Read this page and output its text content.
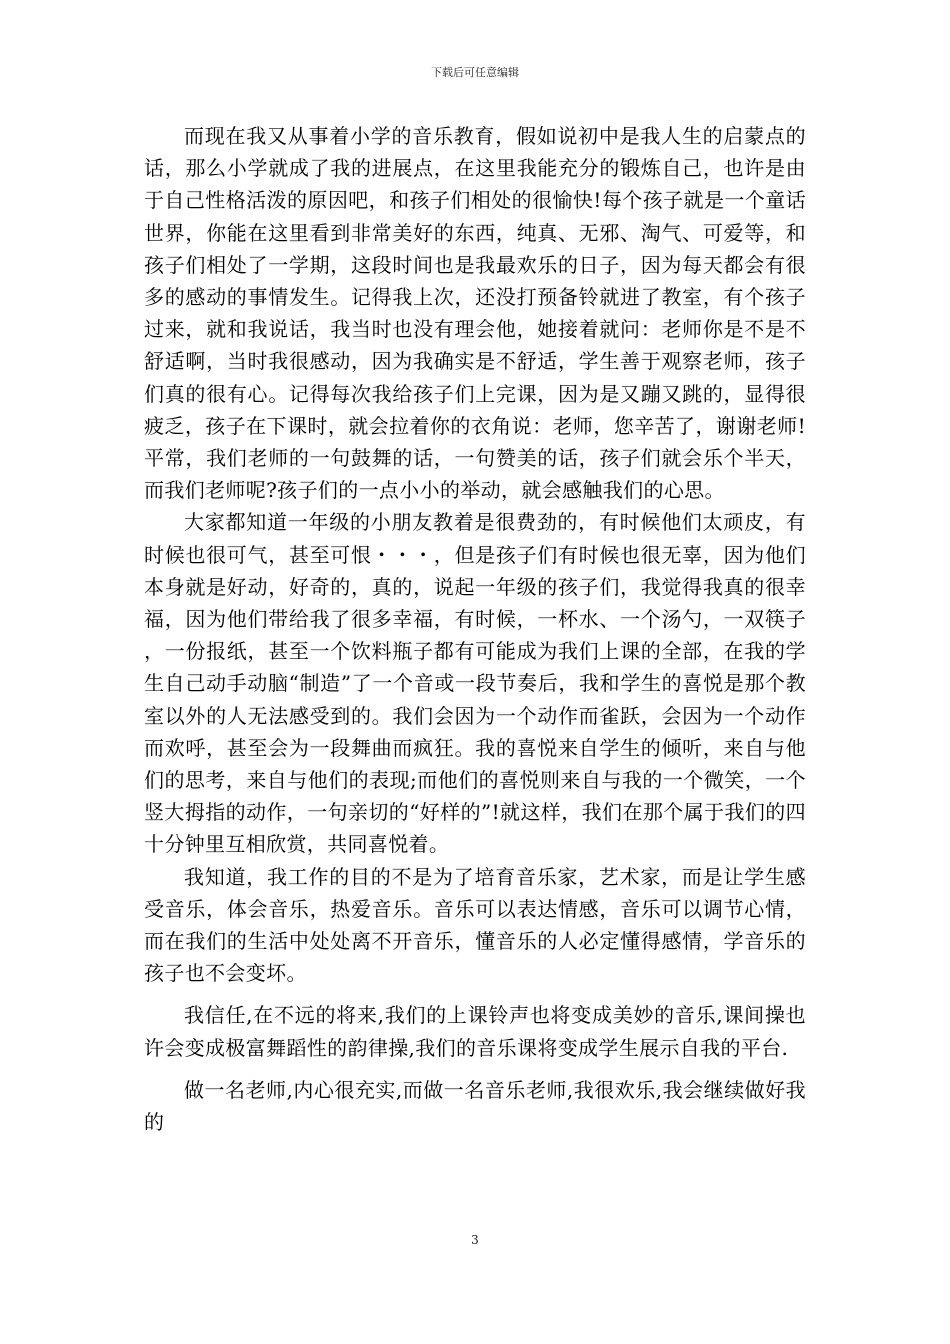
下载后可任意编辑

而现在我又从事着小学的音乐教育，假如说初中是我人生的启蒙点的话，那么小学就成了我的进展点，在这里我能充分的锻炼自己，也许是由于自己性格活泼的原因吧，和孩子们相处的很愉快!每个孩子就是一个童话世界，你能在这里看到非常美好的东西，纯真、无邪、淘气、可爱等，和孩子们相处了一学期，这段时间也是我最欢乐的日子，因为每天都会有很多的感动的事情发生。记得我上次，还没打预备铃就进了教室，有个孩子过来，就和我说话，我当时也没有理会他，她接着就问：老师你是不是不舒适啊，当时我很感动，因为我确实是不舒适，学生善于观察老师，孩子们真的很有心。记得每次我给孩子们上完课，因为是又蹦又跳的，显得很疲乏，孩子在下课时，就会拉着你的衣角说：老师，您辛苦了，谢谢老师!平常，我们老师的一句鼓舞的话，一句赞美的话，孩子们就会乐个半天，而我们老师呢?孩子们的一点小小的举动，就会感触我们的心思。

大家都知道一年级的小朋友教着是很费劲的，有时候他们太顽皮，有时候也很可气，甚至可恨・・・，但是孩子们有时候也很无辜，因为他们本身就是好动，好奇的，真的，说起一年级的孩子们，我觉得我真的很幸福，因为他们带给我了很多幸福，有时候，一杯水、一个汤勺，一双筷子，一份报纸，甚至一个饮料瓶子都有可能成为我们上课的全部，在我的学生自己动手动脑“制造”了一个音或一段节奏后，我和学生的喜悦是那个教室以外的人无法感受到的。我们会因为一个动作而雀跃，会因为一个动作而欢呼，甚至会为一段舞曲而疯狂。我的喜悦来自学生的倾听，来自与他们的思考，来自与他们的表现;而他们的喜悦则来自与我的一个微笑，一个竖大拇指的动作，一句亲切的“好样的”!就这样，我们在那个属于我们的四十分钟里互相欣赏，共同喜悦着。

我知道，我工作的目的不是为了培育音乐家，艺术家，而是让学生感受音乐，体会音乐，热爱音乐。音乐可以表达情感，音乐可以调节心情，而在我们的生活中处处离不开音乐，懂音乐的人必定懂得感情，学音乐的孩子也不会变坏。

我信任,在不远的将来,我们的上课铃声也将变成美妙的音乐,课间操也许会变成极富舞蹈性的韵律操,我们的音乐课将变成学生展示自我的平台.

做一名老师,内心很充实,而做一名音乐老师,我很欢乐,我会继续做好我的

3
